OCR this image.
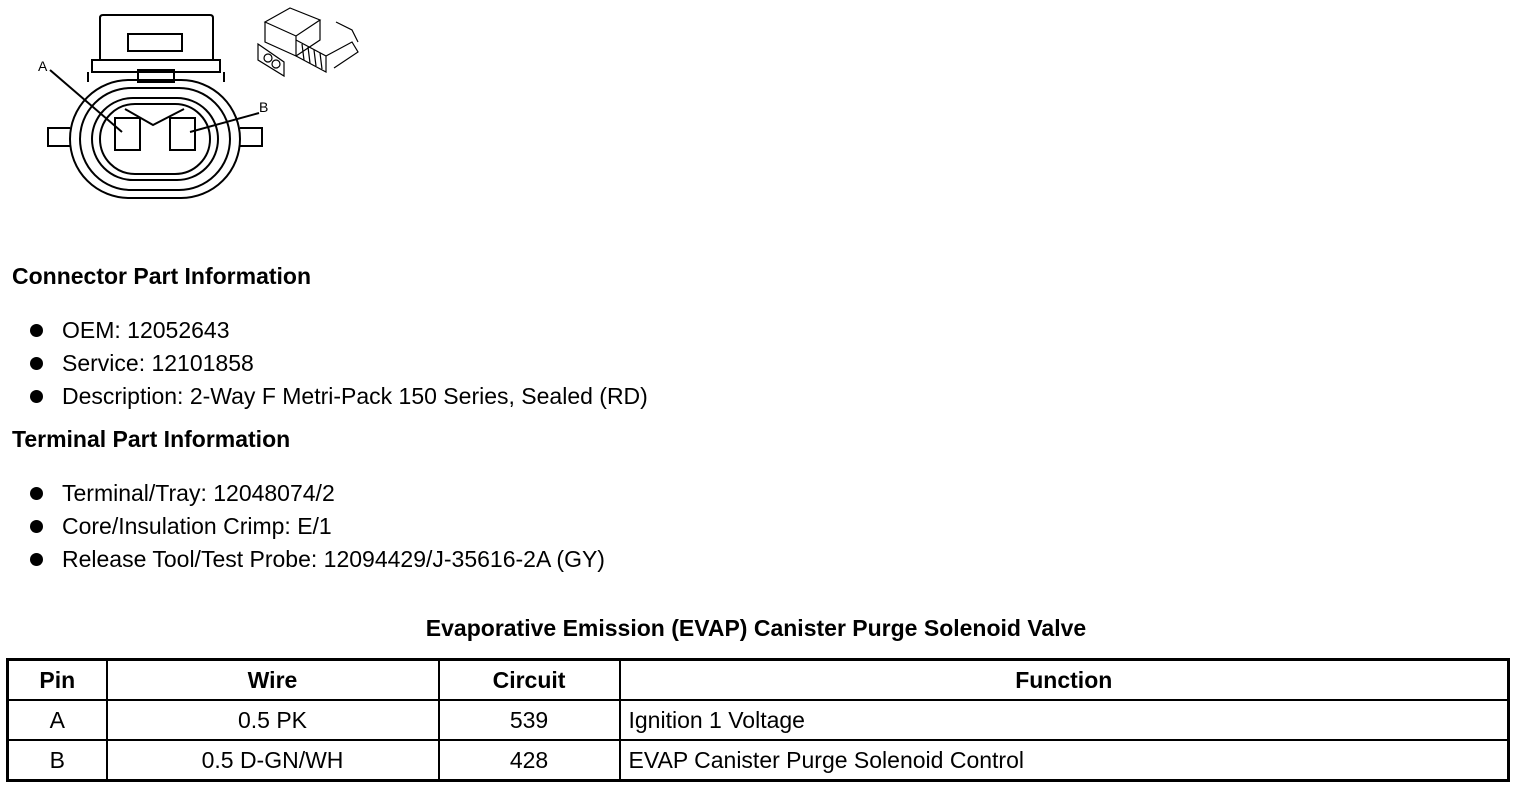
A
B
Connector Part Information
OEM: 12052643
Service: 12101858
Description: 2-Way F Metri-Pack 150 Series, Sealed (RD)
Terminal Part Information
Terminal/Tray: 12048074/2
Core/Insulation Crimp: E/1
Release Tool/Test Probe: 12094429/J-35616-2A (GY)
Evaporative Emission (EVAP) Canister Purge Solenoid Valve
Pin	Wire	Circuit	Function
A	0.5 PK	539	Ignition 1 Voltage
B	0.5 D-GN/WH	428	EVAP Canister Purge Solenoid Control
